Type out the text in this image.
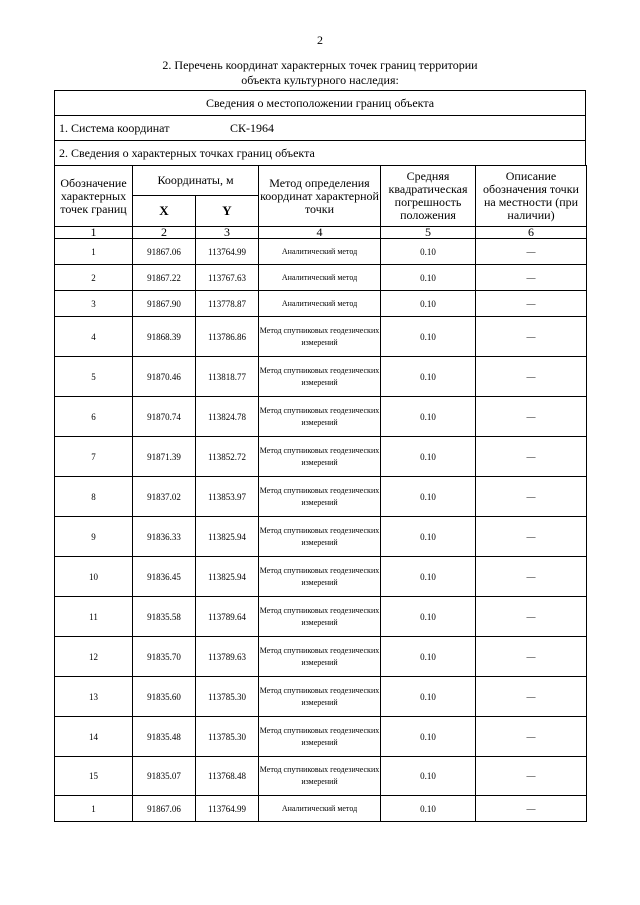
2
2. Перечень координат характерных точек границ территории
объекта культурного наследия:
Сведения о местоположении границ объекта
1. Система координат	СК-1964
2. Сведения о характерных точках границ объекта
Обозначение характерных точек границ	Координаты, м		Метод определения координат характерной точки	Средняя квадратическая погрешность положения	Описание обозначения точки на местности (при наличии)
	X	Y			
1	2	3	4	5	6
1	91867.06	113764.99	Аналитический метод	0.10	—
2	91867.22	113767.63	Аналитический метод	0.10	—
3	91867.90	113778.87	Аналитический метод	0.10	—
4	91868.39	113786.86	Метод спутниковых геодезических измерений	0.10	—
5	91870.46	113818.77	Метод спутниковых геодезических измерений	0.10	—
6	91870.74	113824.78	Метод спутниковых геодезических измерений	0.10	—
7	91871.39	113852.72	Метод спутниковых геодезических измерений	0.10	—
8	91837.02	113853.97	Метод спутниковых геодезических измерений	0.10	—
9	91836.33	113825.94	Метод спутниковых геодезических измерений	0.10	—
10	91836.45	113825.94	Метод спутниковых геодезических измерений	0.10	—
11	91835.58	113789.64	Метод спутниковых геодезических измерений	0.10	—
12	91835.70	113789.63	Метод спутниковых геодезических измерений	0.10	—
13	91835.60	113785.30	Метод спутниковых геодезических измерений	0.10	—
14	91835.48	113785.30	Метод спутниковых геодезических измерений	0.10	—
15	91835.07	113768.48	Метод спутниковых геодезических измерений	0.10	—
1	91867.06	113764.99	Аналитический метод	0.10	—
